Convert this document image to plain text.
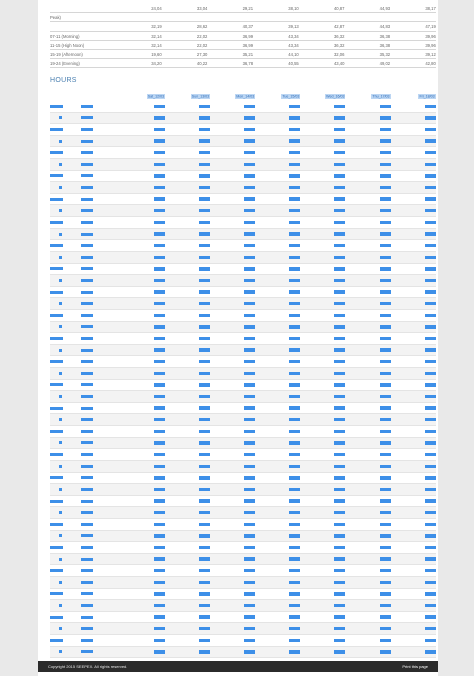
24,04	33,04	29,21	38,10	40,87	44,93	38,17
Peak)
32,19	28,62	40,37	39,13	42,87	44,83	47,19
07-11 (Morning)	32,14	22,02	36,99	43,34	36,32	36,38	39,96
11-15 (High Noon)	32,14	22,02	36,99	43,34	36,32	36,38	39,96
15-19 (Afternoon)	19,60	27,30	35,21	44,10	32,06	35,32	39,12
19-24 (Evening)	34,20	40,22	36,78	40,55	43,40	49,02	42,80
HOURS
Sat_12/03	Sun_13/03	Mon_14/03	Tue_15/03	Wed_16/03	Thu_17/03	Fri_18/03
Copyright 2015 SEEPEX. All rights reserved.	Print this page
